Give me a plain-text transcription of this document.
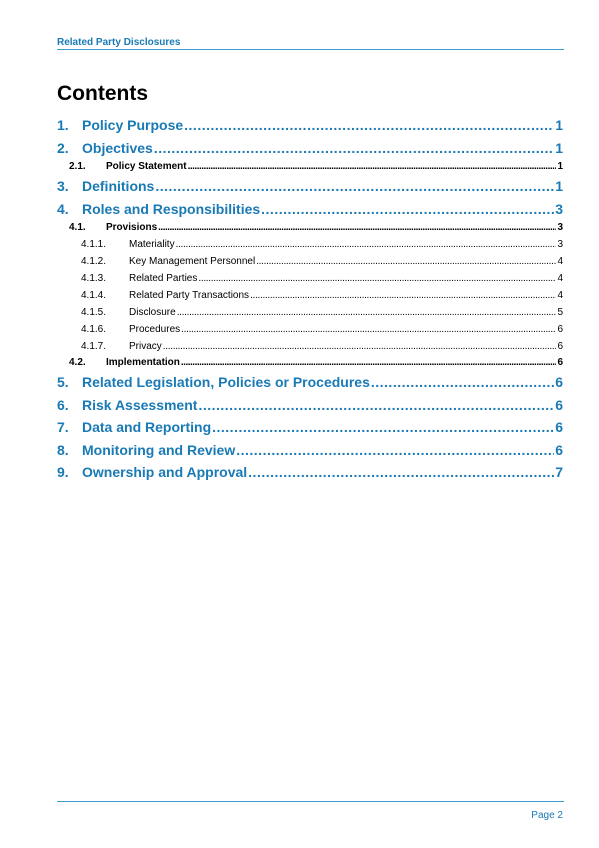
Related Party Disclosures
Contents
1. Policy Purpose .....	1
2. Objectives .....	1
2.1.	Policy Statement .....	1
3. Definitions .....	1
4. Roles and Responsibilities .....	3
4.1.	Provisions .....	3
4.1.1.	Materiality .....	3
4.1.2.	Key Management Personnel .....	4
4.1.3.	Related Parties .....	4
4.1.4.	Related Party Transactions .....	4
4.1.5.	Disclosure .....	5
4.1.6.	Procedures .....	6
4.1.7.	Privacy .....	6
4.2.	Implementation .....	6
5. Related Legislation, Policies or Procedures .....	6
6. Risk Assessment .....	6
7. Data and Reporting .....	6
8. Monitoring and Review .....	6
9. Ownership and Approval .....	7
Page 2
